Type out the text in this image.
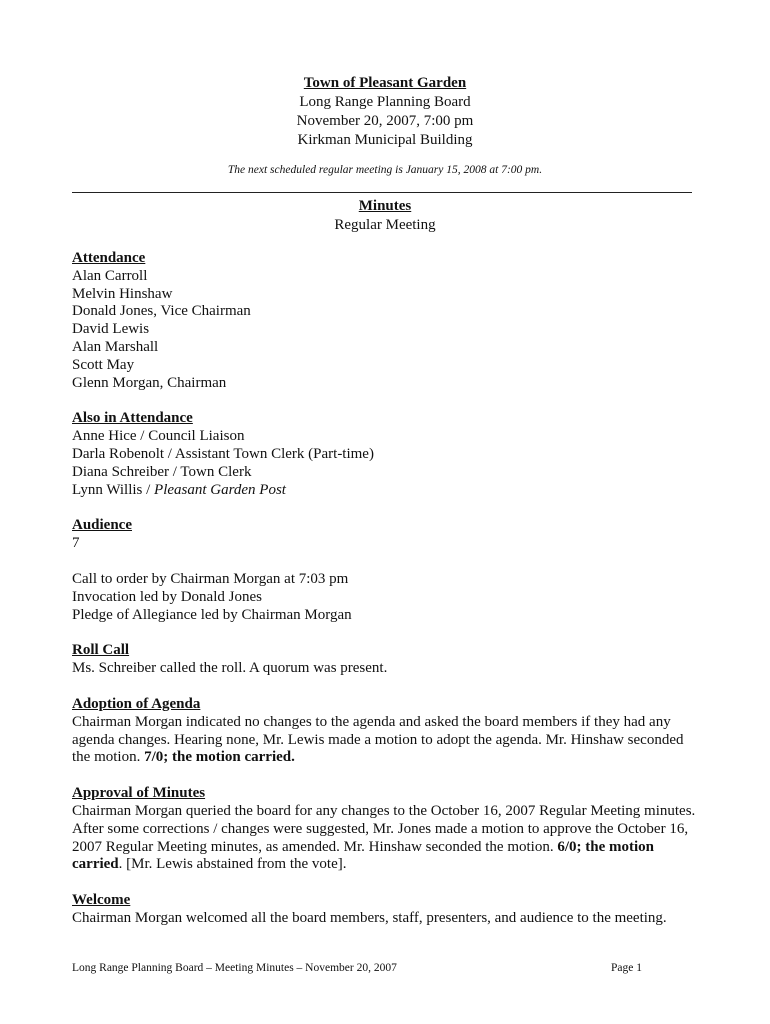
Town of Pleasant Garden
Long Range Planning Board
November 20, 2007, 7:00 pm
Kirkman Municipal Building
The next scheduled regular meeting is January 15, 2008 at 7:00 pm.
Minutes
Regular Meeting
Attendance
Alan Carroll
Melvin Hinshaw
Donald Jones, Vice Chairman
David Lewis
Alan Marshall
Scott May
Glenn Morgan, Chairman
Also in Attendance
Anne Hice / Council Liaison
Darla Robenolt / Assistant Town Clerk (Part-time)
Diana Schreiber / Town Clerk
Lynn Willis / Pleasant Garden Post
Audience
7
Call to order by Chairman Morgan at 7:03 pm
Invocation led by Donald Jones
Pledge of Allegiance led by Chairman Morgan
Roll Call
Ms. Schreiber called the roll. A quorum was present.
Adoption of Agenda
Chairman Morgan indicated no changes to the agenda and asked the board members if they had any agenda changes. Hearing none, Mr. Lewis made a motion to adopt the agenda. Mr. Hinshaw seconded the motion. 7/0; the motion carried.
Approval of Minutes
Chairman Morgan queried the board for any changes to the October 16, 2007 Regular Meeting minutes. After some corrections / changes were suggested, Mr. Jones made a motion to approve the October 16, 2007 Regular Meeting minutes, as amended. Mr. Hinshaw seconded the motion. 6/0; the motion carried. [Mr. Lewis abstained from the vote].
Welcome
Chairman Morgan welcomed all the board members, staff, presenters, and audience to the meeting.
Long Range Planning Board – Meeting Minutes – November 20, 2007	Page 1
